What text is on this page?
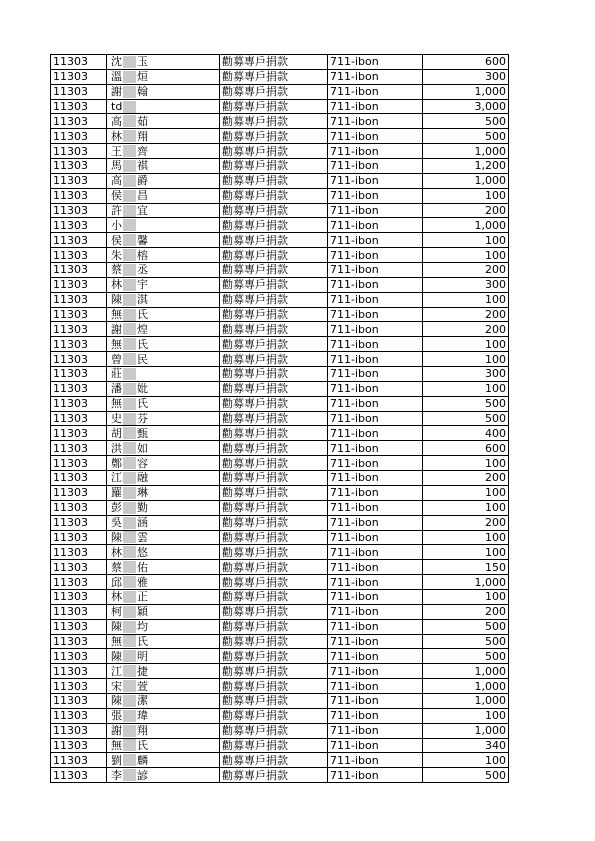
11303	沈 玉	勸募專戶捐款	711-ibon	600
11303	溫 烜	勸募專戶捐款	711-ibon	300
11303	謝 翰	勸募專戶捐款	711-ibon	1,000
11303	td	勸募專戶捐款	711-ibon	3,000
11303	高 茹	勸募專戶捐款	711-ibon	500
11303	林 翔	勸募專戶捐款	711-ibon	500
11303	王 齊	勸募專戶捐款	711-ibon	1,000
11303	馬 祺	勸募專戶捐款	711-ibon	1,200
11303	高 爵	勸募專戶捐款	711-ibon	1,000
11303	侯 昌	勸募專戶捐款	711-ibon	100
11303	許 宜	勸募專戶捐款	711-ibon	200
11303	小	勸募專戶捐款	711-ibon	1,000
11303	侯 馨	勸募專戶捐款	711-ibon	100
11303	朱 榕	勸募專戶捐款	711-ibon	100
11303	蔡 丞	勸募專戶捐款	711-ibon	200
11303	林 宇	勸募專戶捐款	711-ibon	300
11303	陳 淇	勸募專戶捐款	711-ibon	100
11303	無 氏	勸募專戶捐款	711-ibon	200
11303	謝 煌	勸募專戶捐款	711-ibon	200
11303	無 氏	勸募專戶捐款	711-ibon	100
11303	曾 民	勸募專戶捐款	711-ibon	100
11303	莊	勸募專戶捐款	711-ibon	300
11303	潘 妣	勸募專戶捐款	711-ibon	100
11303	無 氏	勸募專戶捐款	711-ibon	500
11303	史 芬	勸募專戶捐款	711-ibon	500
11303	胡 甄	勸募專戶捐款	711-ibon	400
11303	洪 如	勸募專戶捐款	711-ibon	600
11303	鄭 容	勸募專戶捐款	711-ibon	100
11303	江 融	勸募專戶捐款	711-ibon	200
11303	羅 琳	勸募專戶捐款	711-ibon	100
11303	彭 勤	勸募專戶捐款	711-ibon	100
11303	吳 涵	勸募專戶捐款	711-ibon	200
11303	陳 雲	勸募專戶捐款	711-ibon	100
11303	林 悠	勸募專戶捐款	711-ibon	100
11303	蔡 佑	勸募專戶捐款	711-ibon	150
11303	邱 雅	勸募專戶捐款	711-ibon	1,000
11303	林 正	勸募專戶捐款	711-ibon	100
11303	柯 穎	勸募專戶捐款	711-ibon	200
11303	陳 均	勸募專戶捐款	711-ibon	500
11303	無 氏	勸募專戶捐款	711-ibon	500
11303	陳 明	勸募專戶捐款	711-ibon	500
11303	江 捷	勸募專戶捐款	711-ibon	1,000
11303	宋 萱	勸募專戶捐款	711-ibon	1,000
11303	陳 潔	勸募專戶捐款	711-ibon	1,000
11303	張 瑋	勸募專戶捐款	711-ibon	100
11303	謝 翔	勸募專戶捐款	711-ibon	1,000
11303	無 氏	勸募專戶捐款	711-ibon	340
11303	劉 麟	勸募專戶捐款	711-ibon	100
11303	李 諺	勸募專戶捐款	711-ibon	500
